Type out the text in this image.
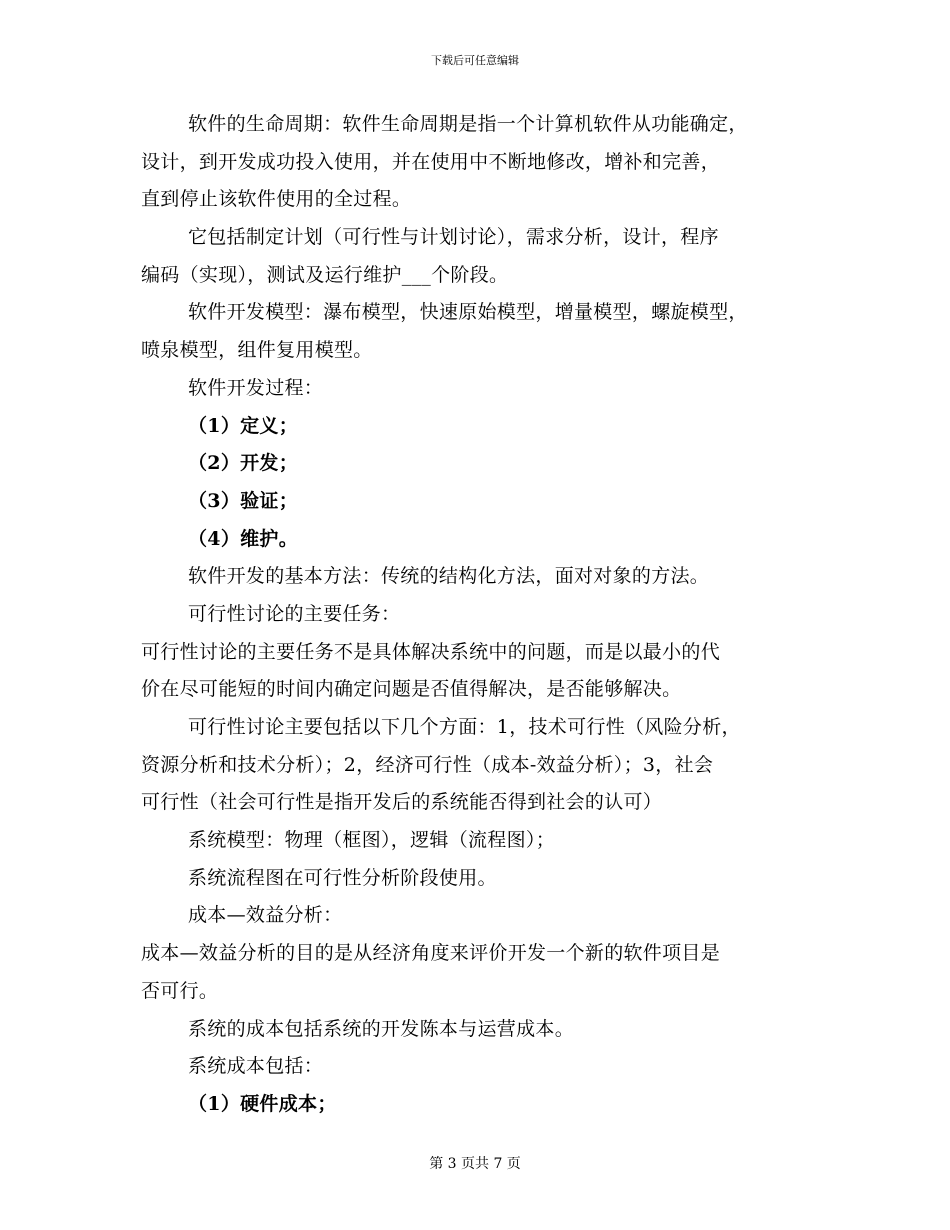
下载后可任意编辑
软件的生命周期：软件生命周期是指一个计算机软件从功能确定，
设计，到开发成功投入使用，并在使用中不断地修改，增补和完善，
直到停止该软件使用的全过程。
它包括制定计划（可行性与计划讨论），需求分析，设计，程序
编码（实现），测试及运行维护___个阶段。
软件开发模型：瀑布模型，快速原始模型，增量模型，螺旋模型，
喷泉模型，组件复用模型。
软件开发过程：
（1）定义；
（2）开发；
（3）验证；
（4）维护。
软件开发的基本方法：传统的结构化方法，面对对象的方法。
可行性讨论的主要任务：
可行性讨论的主要任务不是具体解决系统中的问题，而是以最小的代
价在尽可能短的时间内确定问题是否值得解决，是否能够解决。
可行性讨论主要包括以下几个方面：1，技术可行性（风险分析，
资源分析和技术分析）；2，经济可行性（成本-效益分析）；3，社会
可行性（社会可行性是指开发后的系统能否得到社会的认可）
系统模型：物理（框图），逻辑（流程图）；
系统流程图在可行性分析阶段使用。
成本—效益分析：
成本—效益分析的目的是从经济角度来评价开发一个新的软件项目是
否可行。
系统的成本包括系统的开发陈本与运营成本。
系统成本包括：
（1）硬件成本；
第 3 页共 7 页
